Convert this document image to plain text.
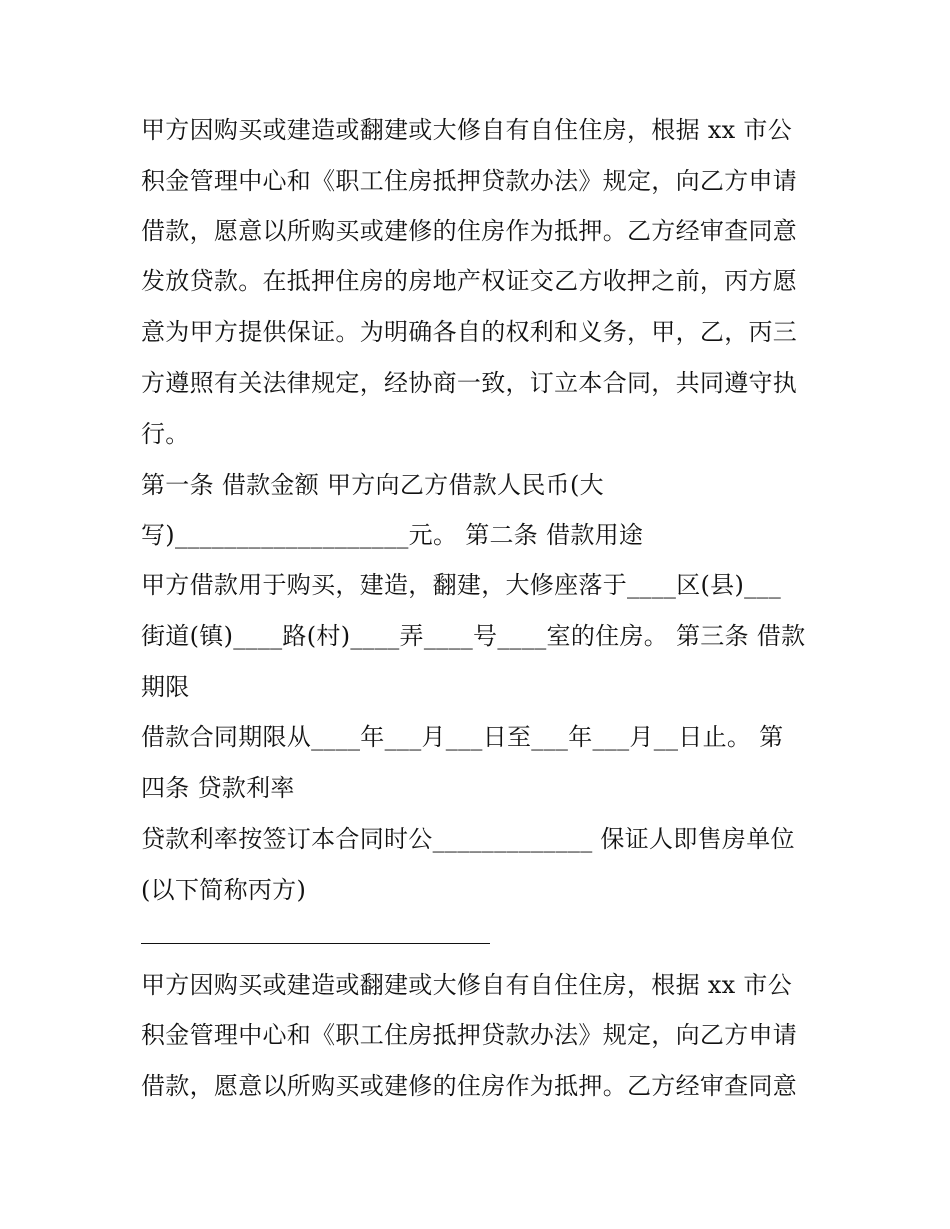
甲方因购买或建造或翻建或大修自有自住住房，根据 xx 市公
积金管理中心和《职工住房抵押贷款办法》规定，向乙方申请
借款，愿意以所购买或建修的住房作为抵押。乙方经审查同意
发放贷款。在抵押住房的房地产权证交乙方收押之前，丙方愿
意为甲方提供保证。为明确各自的权利和义务，甲，乙，丙三
方遵照有关法律规定，经协商一致，订立本合同，共同遵守执
行。
第一条 借款金额 甲方向乙方借款人民币(大
写)___________________元。 第二条 借款用途
甲方借款用于购买，建造，翻建，大修座落于____区(县)___
街道(镇)____路(村)____弄____号____室的住房。 第三条 借款
期限
借款合同期限从____年___月___日至___年___月__日止。 第
四条 贷款利率
贷款利率按签订本合同时公_____________ 保证人即售房单位
(以下简称丙方)
甲方因购买或建造或翻建或大修自有自住住房，根据 xx 市公
积金管理中心和《职工住房抵押贷款办法》规定，向乙方申请
借款，愿意以所购买或建修的住房作为抵押。乙方经审查同意
